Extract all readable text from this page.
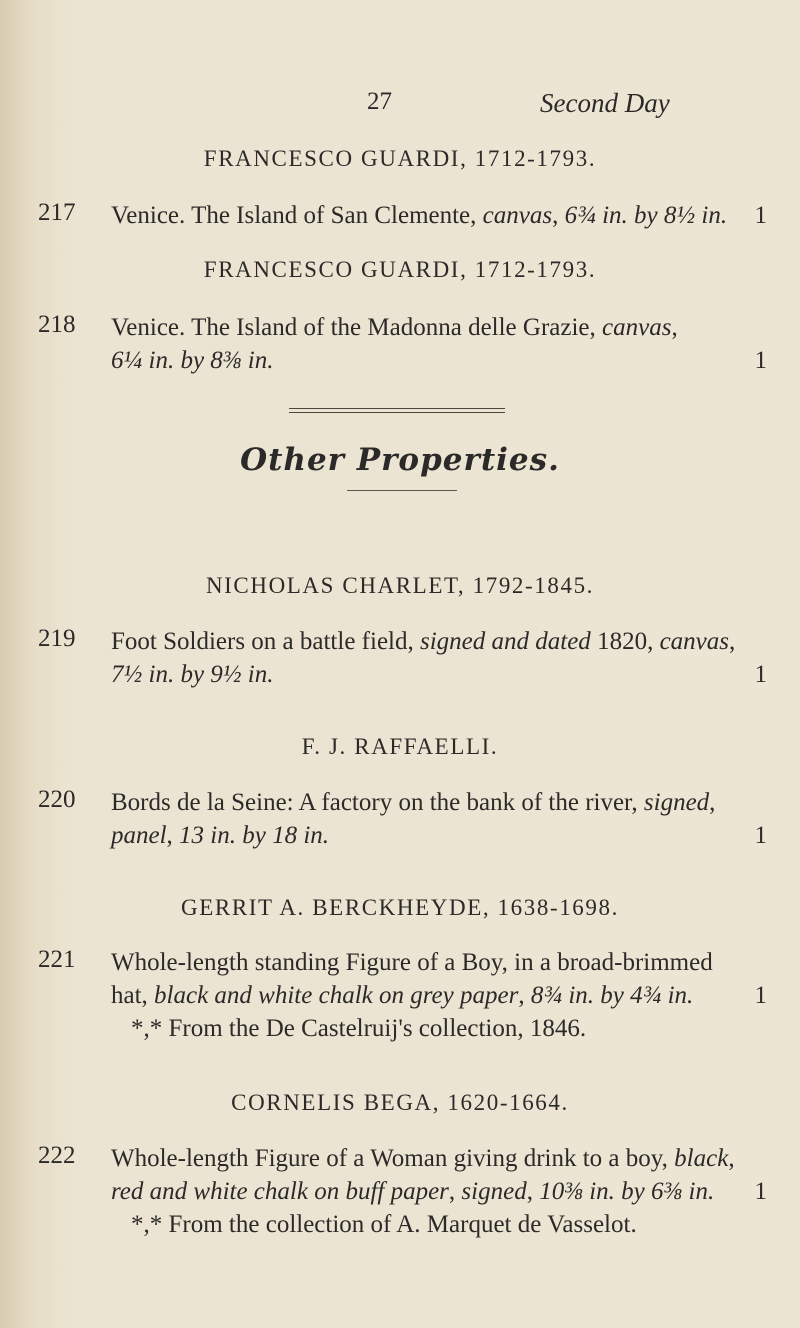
27	Second Day
FRANCESCO GUARDI, 1712-1793.
217 Venice. The Island of San Clemente, canvas, 6¾ in. by 8½ in. 1
FRANCESCO GUARDI, 1712-1793.
218 Venice. The Island of the Madonna delle Grazie, canvas,
6¼ in. by 8⅜ in.	1
Other Properties.
NICHOLAS CHARLET, 1792-1845.
219 Foot Soldiers on a battle field, signed and dated 1820, canvas,
7½ in. by 9½ in.	1
F. J. RAFFAELLI.
220 Bords de la Seine: A factory on the bank of the river, signed,
panel, 13 in. by 18 in.	1
GERRIT A. BERCKHEYDE, 1638-1698.
221 Whole-length standing Figure of a Boy, in a broad-brimmed
hat, black and white chalk on grey paper, 8¾ in. by 4¾ in. 1
*,* From the De Castelruij's collection, 1846.
CORNELIS BEGA, 1620-1664.
222 Whole-length Figure of a Woman giving drink to a boy, black,
red and white chalk on buff paper, signed, 10⅜ in. by 6⅜ in. 1
*,* From the collection of A. Marquet de Vasselot.
